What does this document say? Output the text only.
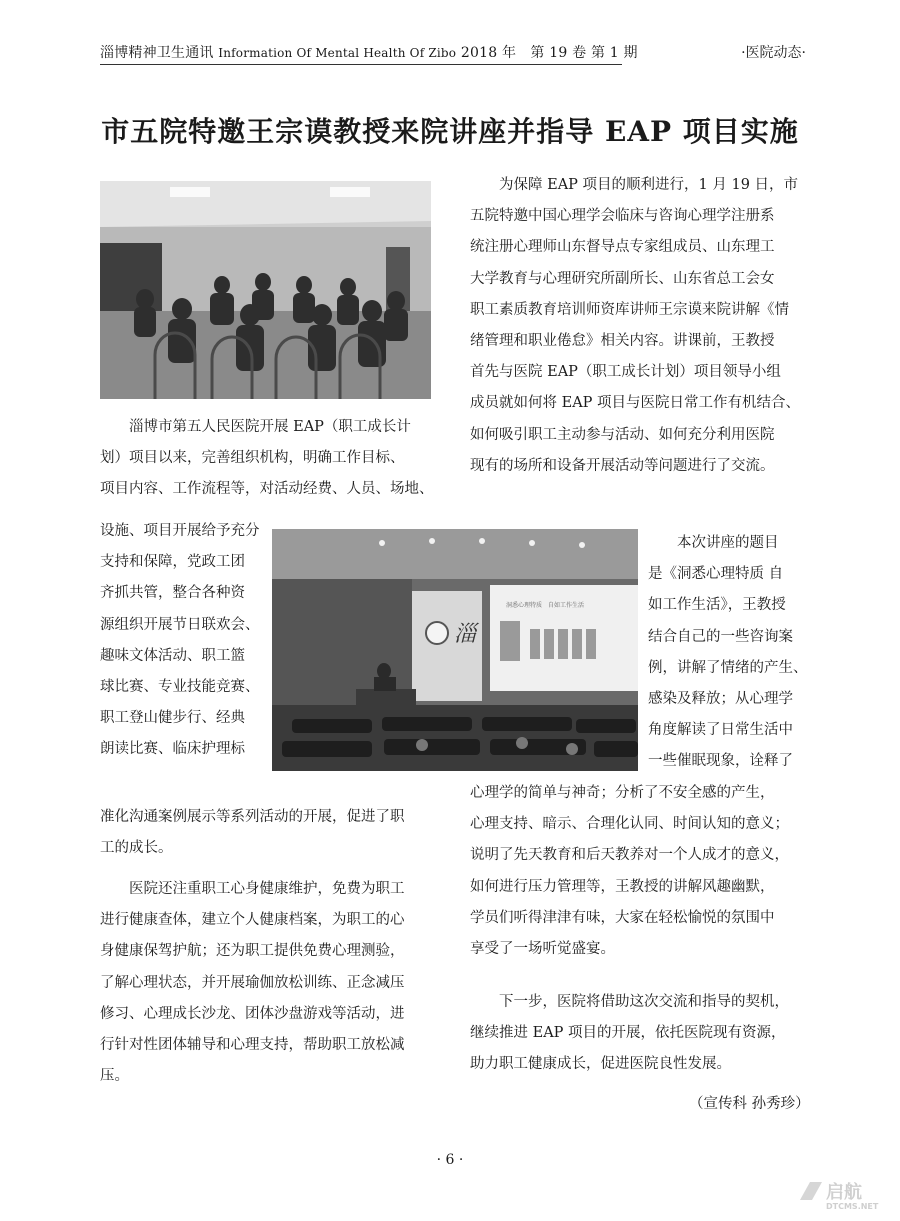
淄博精神卫生通讯 Information Of Mental Health Of Zibo 2018 年　第 19 卷 第 1 期	·医院动态·
市五院特邀王宗谟教授来院讲座并指导 EAP 项目实施
淄
洞悉心理特质　自如工作生活
为保障 EAP 项目的顺利进行，1 月 19 日，市
五院特邀中国心理学会临床与咨询心理学注册系
统注册心理师山东督导点专家组成员、山东理工
大学教育与心理研究所副所长、山东省总工会女
职工素质教育培训师资库讲师王宗谟来院讲解《情
绪管理和职业倦怠》相关内容。讲课前，王教授
首先与医院 EAP（职工成长计划）项目领导小组
成员就如何将 EAP 项目与医院日常工作有机结合、
如何吸引职工主动参与活动、如何充分利用医院
现有的场所和设备开展活动等问题进行了交流。
本次讲座的题目
是《洞悉心理特质 自
如工作生活》，王教授
结合自己的一些咨询案
例，讲解了情绪的产生、
感染及释放；从心理学
角度解读了日常生活中
一些催眠现象，诠释了
心理学的简单与神奇；分析了不安全感的产生，
心理支持、暗示、合理化认同、时间认知的意义；
说明了先天教育和后天教养对一个人成才的意义，
如何进行压力管理等，王教授的讲解风趣幽默，
学员们听得津津有味，大家在轻松愉悦的氛围中
享受了一场听觉盛宴。
下一步，医院将借助这次交流和指导的契机，
继续推进 EAP 项目的开展，依托医院现有资源，
助力职工健康成长，促进医院良性发展。
（宣传科 孙秀珍）
淄博市第五人民医院开展 EAP（职工成长计
划）项目以来，完善组织机构，明确工作目标、
项目内容、工作流程等，对活动经费、人员、场地、
设施、项目开展给予充分
支持和保障，党政工团
齐抓共管，整合各种资
源组织开展节日联欢会、
趣味文体活动、职工篮
球比赛、专业技能竞赛、
职工登山健步行、经典
朗读比赛、临床护理标
准化沟通案例展示等系列活动的开展，促进了职
工的成长。
医院还注重职工心身健康维护，免费为职工
进行健康查体，建立个人健康档案，为职工的心
身健康保驾护航；还为职工提供免费心理测验，
了解心理状态，并开展瑜伽放松训练、正念减压
修习、心理成长沙龙、团体沙盘游戏等活动，进
行针对性团体辅导和心理支持，帮助职工放松减
压。
· 6 ·
启航
DTCMS.NET
